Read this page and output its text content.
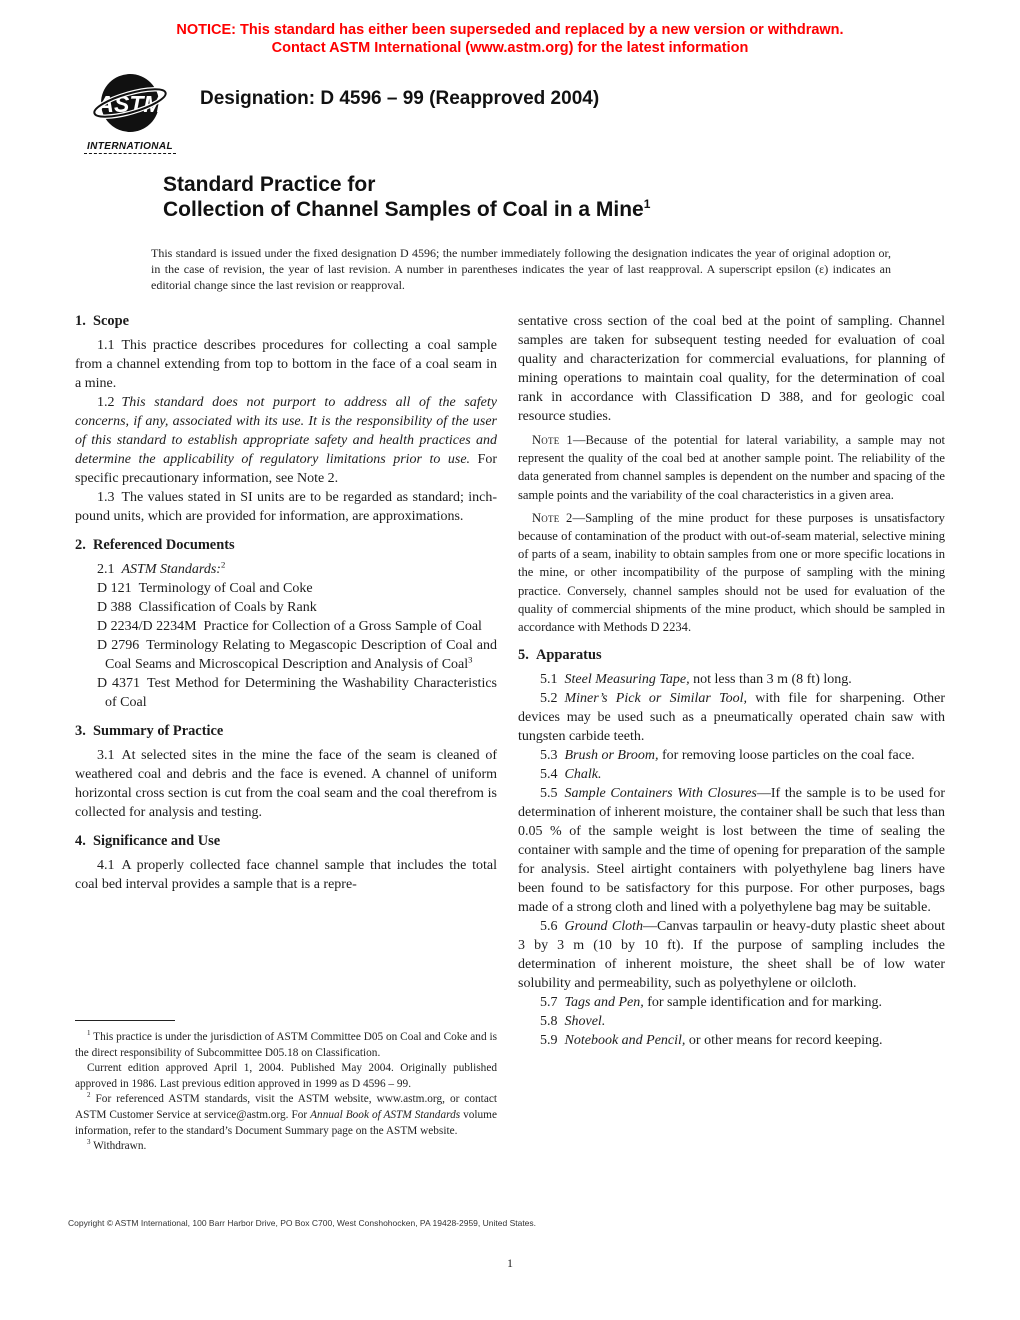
NOTICE: This standard has either been superseded and replaced by a new version or withdrawn.
Contact ASTM International (www.astm.org) for the latest information
ASTM
INTERNATIONAL
Designation: D 4596 – 99 (Reapproved 2004)
Standard Practice for
Collection of Channel Samples of Coal in a Mine$^1$
This standard is issued under the fixed designation D 4596; the number immediately following the designation indicates the year of original adoption or, in the case of revision, the year of last revision. A number in parentheses indicates the year of last reapproval. A superscript epsilon (ε) indicates an editorial change since the last revision or reapproval.
1. Scope

1.1 This practice describes procedures for collecting a coal sample from a channel extending from top to bottom in the face of a coal seam in a mine.

1.2 This standard does not purport to address all of the safety concerns, if any, associated with its use. It is the responsibility of the user of this standard to establish appropriate safety and health practices and determine the applicability of regulatory limitations prior to use. For specific precautionary information, see Note 2.

1.3 The values stated in SI units are to be regarded as standard; inch-pound units, which are provided for information, are approximations.

2. Referenced Documents

2.1 ASTM Standards:$^2$

D 121 Terminology of Coal and Coke

D 388 Classification of Coals by Rank

D 2234/D 2234M Practice for Collection of a Gross Sample of Coal

D 2796 Terminology Relating to Megascopic Description of Coal and Coal Seams and Microscopical Description and Analysis of Coal$^3$

D 4371 Test Method for Determining the Washability Characteristics of Coal

3. Summary of Practice

3.1 At selected sites in the mine the face of the seam is cleaned of weathered coal and debris and the face is evened. A channel of uniform horizontal cross section is cut from the coal seam and the coal therefrom is collected for analysis and testing.

4. Significance and Use

4.1 A properly collected face channel sample that includes the total coal bed interval provides a sample that is a repre-

sentative cross section of the coal bed at the point of sampling. Channel samples are taken for subsequent testing needed for evaluation of coal quality and characterization for commercial evaluations, for planning of mining operations to maintain coal quality, for the determination of coal rank in accordance with Classification D 388, and for geologic coal resource studies.

Note 1—Because of the potential for lateral variability, a sample may not represent the quality of the coal bed at another sample point. The reliability of the data generated from channel samples is dependent on the number and spacing of the sample points and the variability of the coal characteristics in a given area.

Note 2—Sampling of the mine product for these purposes is unsatisfactory because of contamination of the product with out-of-seam material, selective mining of parts of a seam, inability to obtain samples from one or more specific locations in the mine, or other incompatibility of the purpose of sampling with the mining practice. Conversely, channel samples should not be used for evaluation of the quality of commercial shipments of the mine product, which should be sampled in accordance with Methods D 2234.

5. Apparatus

5.1 Steel Measuring Tape, not less than 3 m (8 ft) long.

5.2 Miner’s Pick or Similar Tool, with file for sharpening. Other devices may be used such as a pneumatically operated chain saw with tungsten carbide teeth.

5.3 Brush or Broom, for removing loose particles on the coal face.

5.4 Chalk.

5.5 Sample Containers With Closures—If the sample is to be used for determination of inherent moisture, the container shall be such that less than 0.05 % of the sample weight is lost between the time of sealing the container with sample and the time of opening for preparation of the sample for analysis. Steel airtight containers with polyethylene bag liners have been found to be satisfactory for this purpose. For other purposes, bags made of a strong cloth and lined with a polyethylene bag may be suitable.

5.6 Ground Cloth—Canvas tarpaulin or heavy-duty plastic sheet about 3 by 3 m (10 by 10 ft). If the purpose of sampling includes the determination of inherent moisture, the sheet shall be of low water solubility and permeability, such as polyethylene or oilcloth.

5.7 Tags and Pen, for sample identification and for marking.

5.8 Shovel.

5.9 Notebook and Pencil, or other means for record keeping.

$^1$ This practice is under the jurisdiction of ASTM Committee D05 on Coal and Coke and is the direct responsibility of Subcommittee D05.18 on Classification.

Current edition approved April 1, 2004. Published May 2004. Originally published approved in 1986. Last previous edition approved in 1999 as D 4596 – 99.

$^2$ For referenced ASTM standards, visit the ASTM website, www.astm.org, or contact ASTM Customer Service at service@astm.org. For Annual Book of ASTM Standards volume information, refer to the standard’s Document Summary page on the ASTM website.

$^3$ Withdrawn.

Copyright © ASTM International, 100 Barr Harbor Drive, PO Box C700, West Conshohocken, PA 19428-2959, United States.
1
